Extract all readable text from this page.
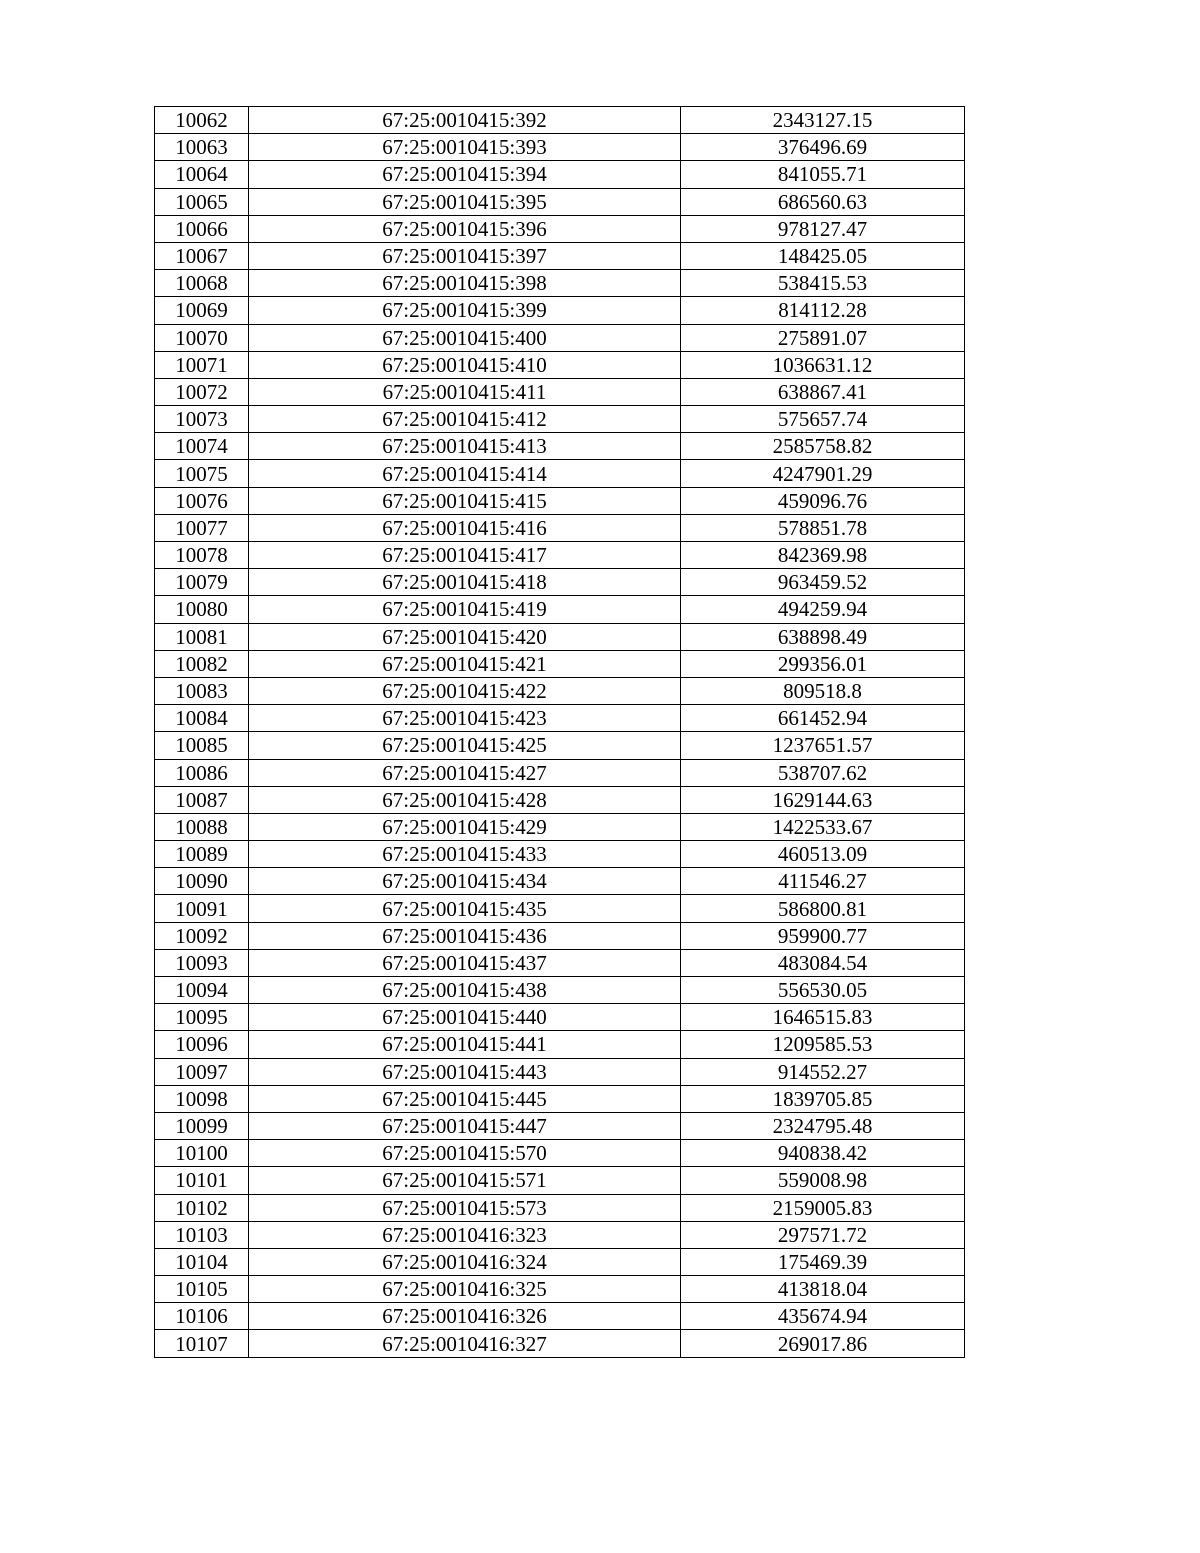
10062	67:25:0010415:392	2343127.15
10063	67:25:0010415:393	376496.69
10064	67:25:0010415:394	841055.71
10065	67:25:0010415:395	686560.63
10066	67:25:0010415:396	978127.47
10067	67:25:0010415:397	148425.05
10068	67:25:0010415:398	538415.53
10069	67:25:0010415:399	814112.28
10070	67:25:0010415:400	275891.07
10071	67:25:0010415:410	1036631.12
10072	67:25:0010415:411	638867.41
10073	67:25:0010415:412	575657.74
10074	67:25:0010415:413	2585758.82
10075	67:25:0010415:414	4247901.29
10076	67:25:0010415:415	459096.76
10077	67:25:0010415:416	578851.78
10078	67:25:0010415:417	842369.98
10079	67:25:0010415:418	963459.52
10080	67:25:0010415:419	494259.94
10081	67:25:0010415:420	638898.49
10082	67:25:0010415:421	299356.01
10083	67:25:0010415:422	809518.8
10084	67:25:0010415:423	661452.94
10085	67:25:0010415:425	1237651.57
10086	67:25:0010415:427	538707.62
10087	67:25:0010415:428	1629144.63
10088	67:25:0010415:429	1422533.67
10089	67:25:0010415:433	460513.09
10090	67:25:0010415:434	411546.27
10091	67:25:0010415:435	586800.81
10092	67:25:0010415:436	959900.77
10093	67:25:0010415:437	483084.54
10094	67:25:0010415:438	556530.05
10095	67:25:0010415:440	1646515.83
10096	67:25:0010415:441	1209585.53
10097	67:25:0010415:443	914552.27
10098	67:25:0010415:445	1839705.85
10099	67:25:0010415:447	2324795.48
10100	67:25:0010415:570	940838.42
10101	67:25:0010415:571	559008.98
10102	67:25:0010415:573	2159005.83
10103	67:25:0010416:323	297571.72
10104	67:25:0010416:324	175469.39
10105	67:25:0010416:325	413818.04
10106	67:25:0010416:326	435674.94
10107	67:25:0010416:327	269017.86
